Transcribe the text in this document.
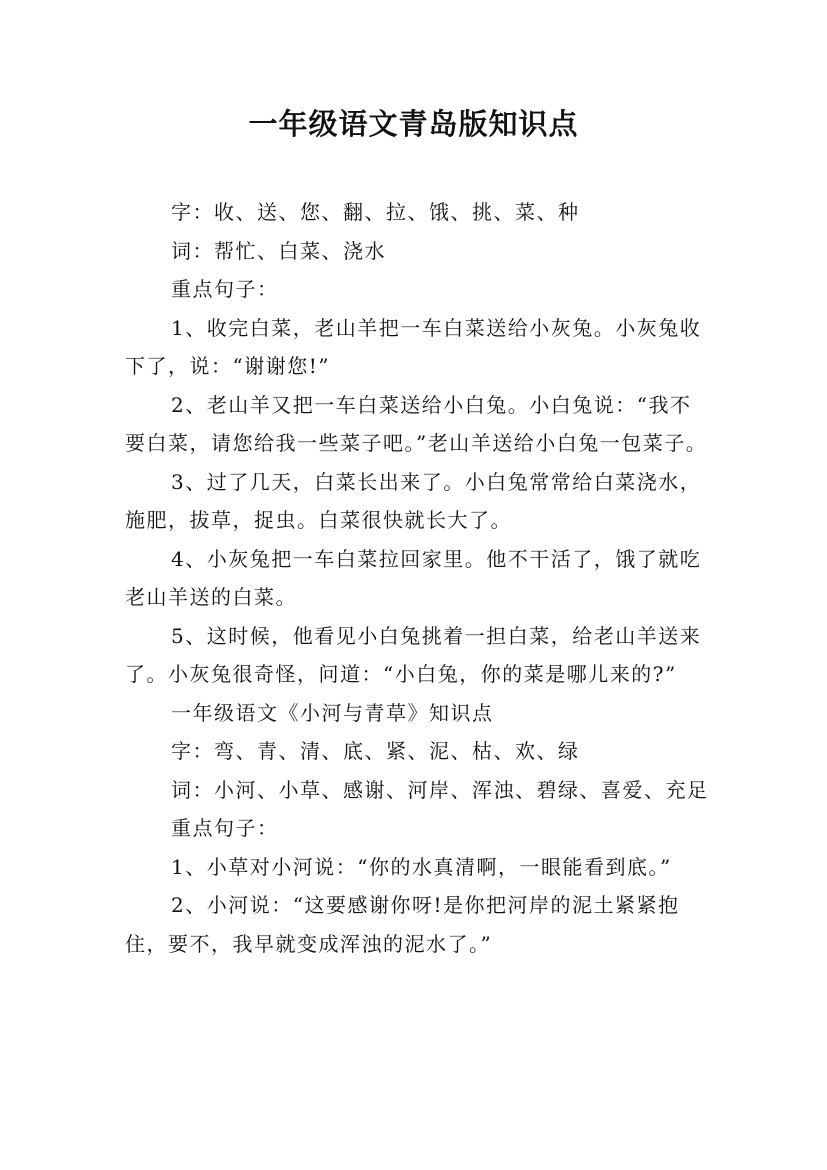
一年级语文青岛版知识点

字：收、送、您、翻、拉、饿、挑、菜、种

词：帮忙、白菜、浇水

重点句子：

1、收完白菜，老山羊把一车白菜送给小灰兔。小灰兔收下了，说：“谢谢您!”

2、老山羊又把一车白菜送给小白兔。小白兔说：“我不要白菜，请您给我一些菜子吧。”老山羊送给小白兔一包菜子。

3、过了几天，白菜长出来了。小白兔常常给白菜浇水，施肥，拔草，捉虫。白菜很快就长大了。

4、小灰兔把一车白菜拉回家里。他不干活了，饿了就吃老山羊送的白菜。

5、这时候，他看见小白兔挑着一担白菜，给老山羊送来了。小灰兔很奇怪，问道：“小白兔，你的菜是哪儿来的?”

一年级语文《小河与青草》知识点

字：弯、青、清、底、紧、泥、枯、欢、绿

词：小河、小草、感谢、河岸、浑浊、碧绿、喜爱、充足

重点句子：

1、小草对小河说：“你的水真清啊，一眼能看到底。”

2、小河说：“这要感谢你呀!是你把河岸的泥土紧紧抱住，要不，我早就变成浑浊的泥水了。”
